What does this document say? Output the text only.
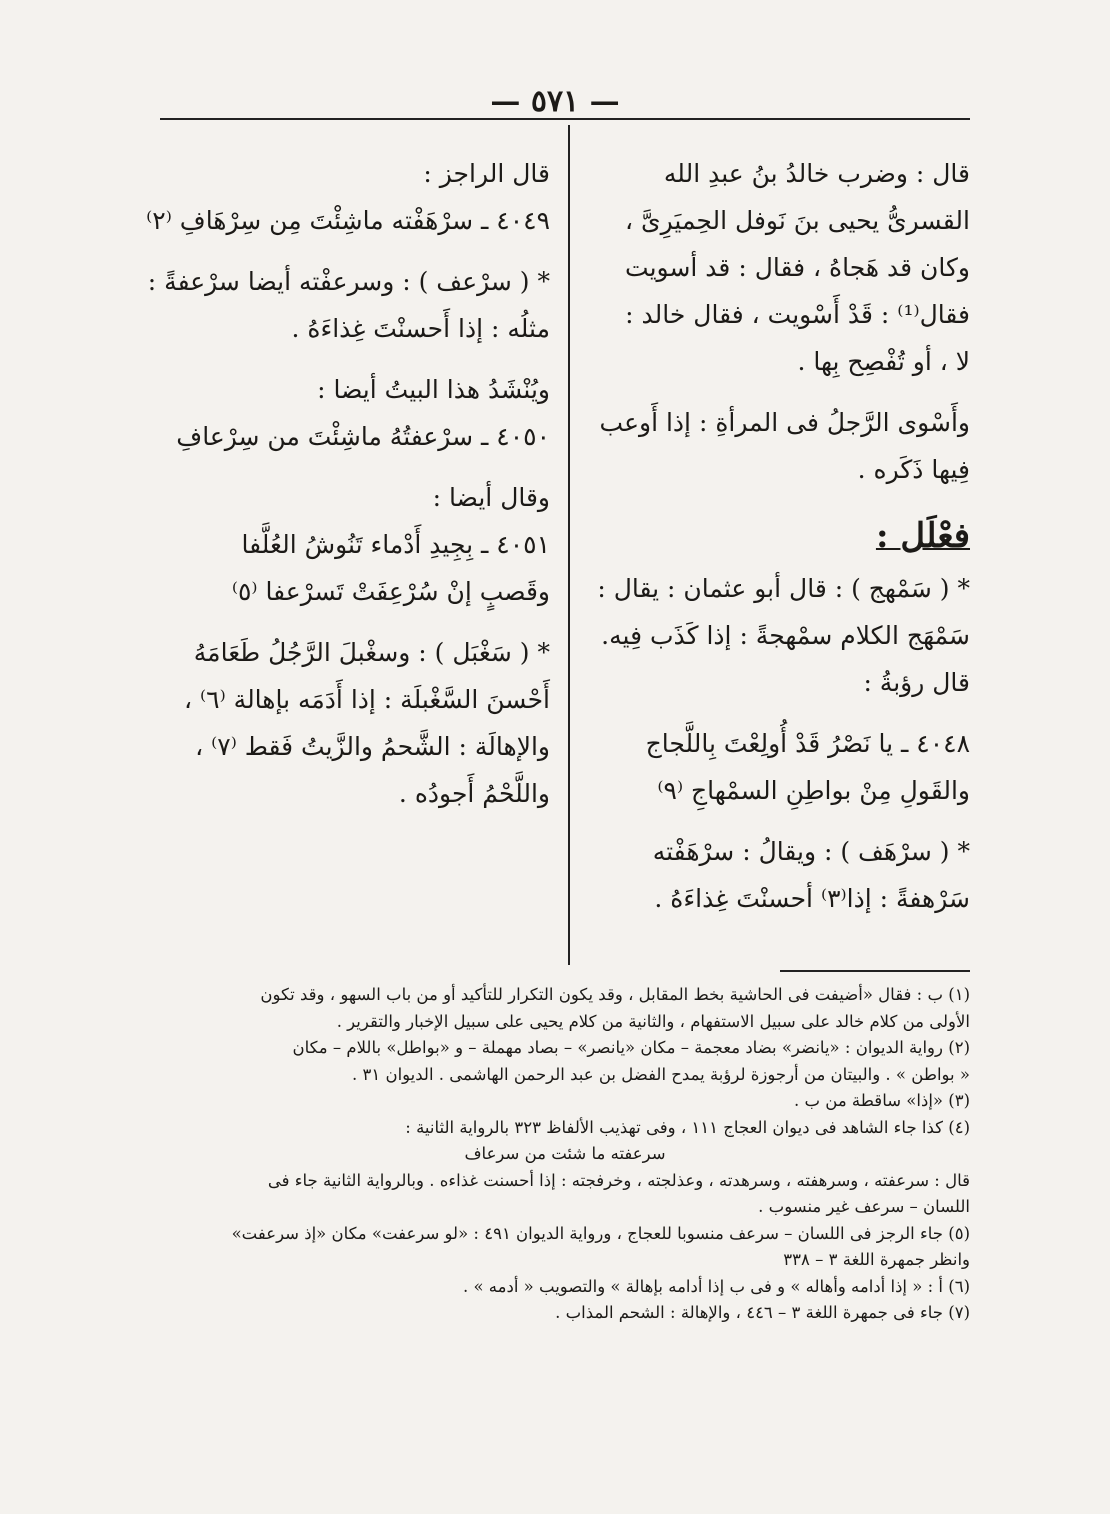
— ٥٧١ —
قال : وضرب خالدُ بنُ عبدِ الله
القسرىُّ يحيى بنَ نَوفل الحِميَرِىَّ ،
وكان قد هَجاهُ ، فقال : قد أسويت
فقال⁽¹⁾ : قَدْ أَسْويت ، فقال خالد :
لا ، أو تُفْصِح بِها .
وأَسْوى الرَّجلُ فى المرأةِ : إذا أَوعب
فِيها ذَكَره .
فعْلَل :
* ( سَمْهج ) : قال أبو عثمان : يقال :
سَمْهَج الكلام سمْهجةً : إذا كَذَب فِيه.
قال رؤبةُ :
٤٠٤٨ ـ يا نَصْرُ قَدْ أُولِعْتَ بِاللَّجاج
والقَولِ مِنْ بواطِنِ السمْهاجِ ⁽٩⁾
* ( سرْهَف ) : ويقالُ : سرْهَفْته
سَرْهفةً : إذا⁽٣⁾ أحسنْتَ غِذاءَهُ .
قال الراجز :
٤٠٤٩ ـ سرْهَفْته ماشِئْتَ مِن سِرْهَافِ ⁽٢⁾
* ( سرْعف ) : وسرعفْته أيضا سرْعفةً :
مثلُه : إذا أَحسنْتَ غِذاءَهُ .
ويُنْشَدُ هذا البيتُ أيضا :
٤٠٥٠ ـ سرْعفتُهُ ماشِئْتَ من سِرْعافِ
وقال أيضا :
٤٠٥١ ـ بِجِيدِ أَدْماء تَنُوشُ العُلَّفا
وقَصبٍ إنْ سُرْعِفَتْ تَسرْعفا ⁽٥⁾
* ( سَغْبَل ) : وسغْبلَ الرَّجُلُ طَعَامَهُ
أَحْسنَ السَّغْبلَة : إذا أَدَمَه بإهالة ⁽٦⁾ ،
والإهالَة : الشَّحمُ والزَّيتُ فَقط ⁽٧⁾ ،
واللَّحْمُ أَجودُه .
(١) ب : فقال «أضيفت فى الحاشية بخط المقابل ، وقد يكون التكرار للتأكيد أو من باب السهو ، وقد تكون
الأولى من كلام خالد على سبيل الاستفهام ، والثانية من كلام يحيى على سبيل الإخبار والتقرير .
(٢) رواية الديوان : «يانضر» بضاد معجمة – مكان «يانصر» – بصاد مهملة – و «بواطل» باللام – مكان
« بواطن » . والبيتان من أرجوزة لرؤبة يمدح الفضل بن عبد الرحمن الهاشمى . الديوان ٣١ .
(٣) «إذا» ساقطة من ب .
(٤) كذا جاء الشاهد فى ديوان العجاج ١١١ ، وفى تهذيب الألفاظ ٣٢٣ بالرواية الثانية :
سرعفته ما شئت من سرعاف
قال : سرعفته ، وسرهفته ، وسرهدته ، وعذلجته ، وخرفجته : إذا أحسنت غذاءه . وبالرواية الثانية جاء فى
اللسان – سرعف غير منسوب .
(٥) جاء الرجز فى اللسان – سرعف منسوبا للعجاج ، ورواية الديوان ٤٩١ : «لو سرعفت» مكان «إذ سرعفت»
وانظر جمهرة اللغة ٣ – ٣٣٨
(٦) أ : « إذا أدامه وأهاله » و فى ب إذا أدامه بإهالة » والتصويب « أدمه » .
(٧) جاء فى جمهرة اللغة ٣ – ٤٤٦ ، والإهالة : الشحم المذاب .
